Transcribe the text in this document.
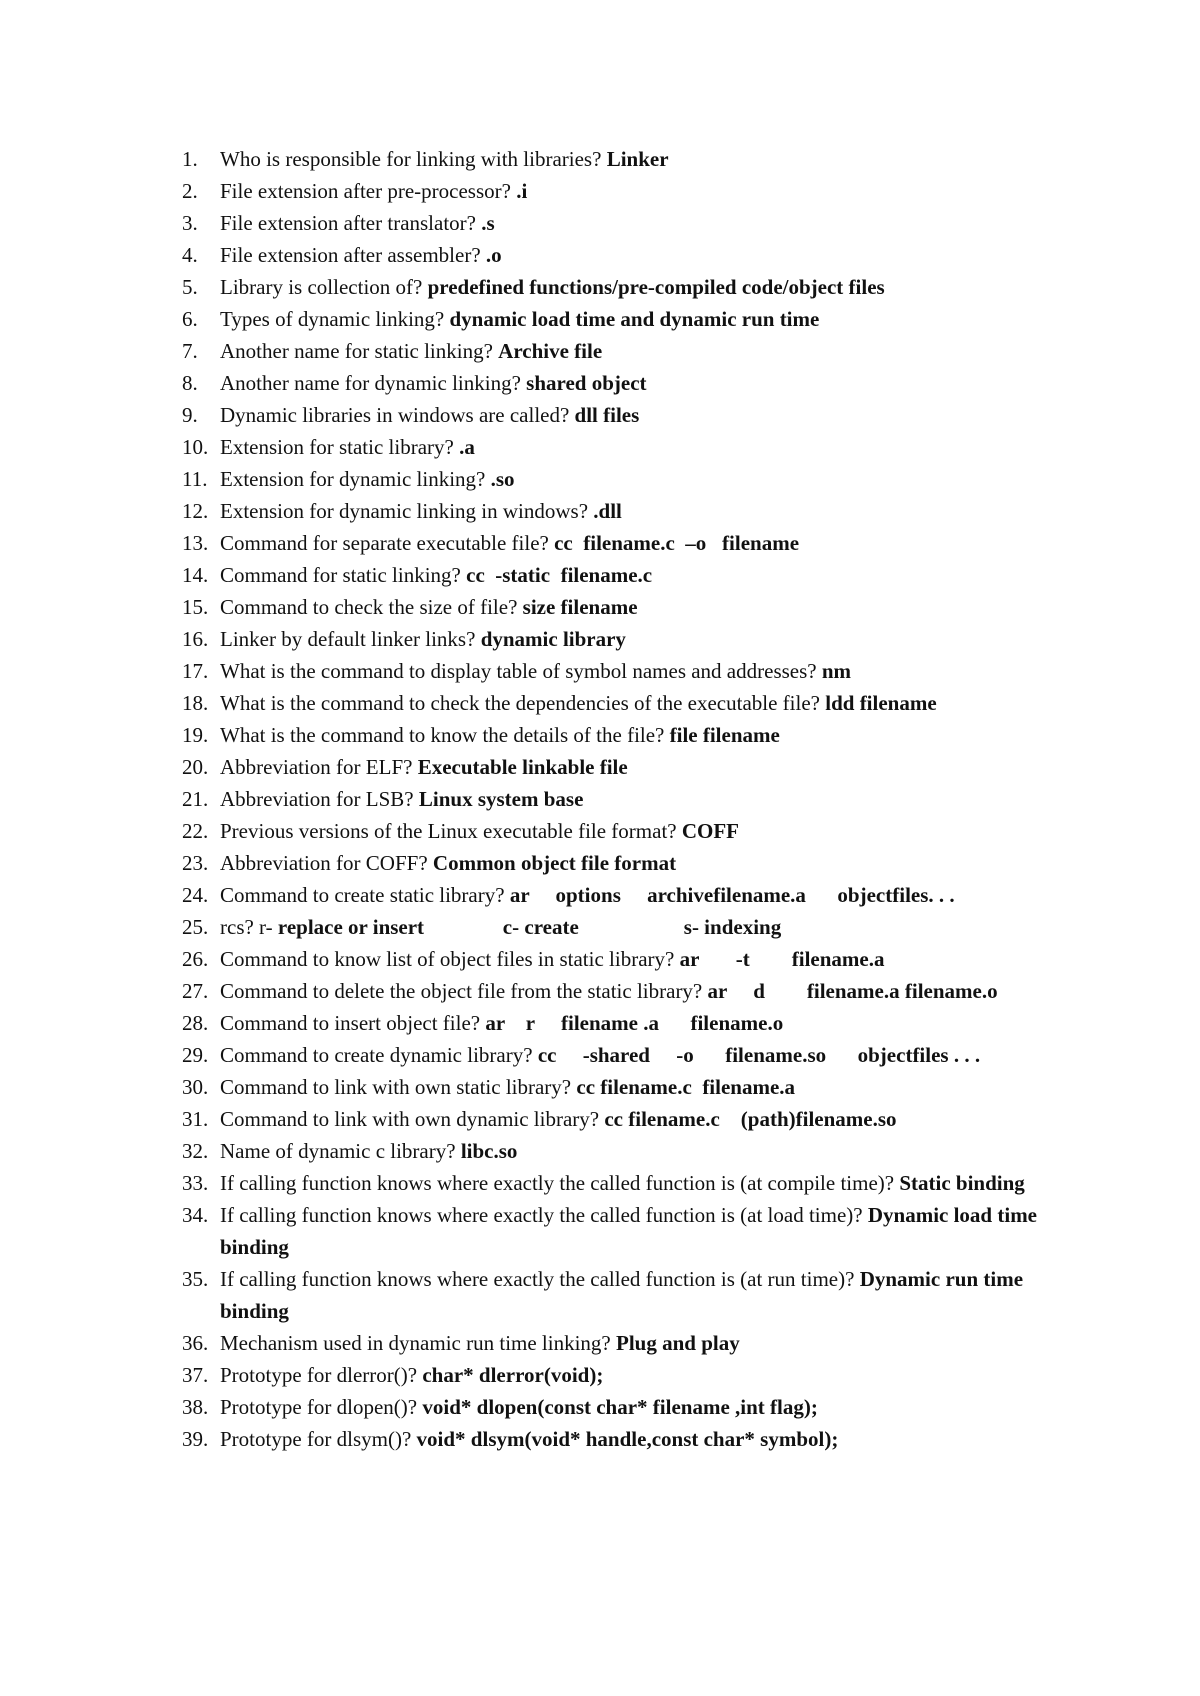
1.	Who is responsible for linking with libraries? Linker
2.	File extension after pre-processor? .i
3.	File extension after translator? .s
4.	File extension after assembler? .o
5.	Library is collection of? predefined functions/pre-compiled code/object files
6.	Types of dynamic linking? dynamic load time and dynamic run time
7.	Another name for static linking? Archive file
8.	Another name for dynamic linking? shared object
9.	Dynamic libraries in windows are called? dll files
10. Extension for static library? .a
11. Extension for dynamic linking? .so
12. Extension for dynamic linking in windows? .dll
13. Command for separate executable file? cc  filename.c  –o   filename
14. Command for static linking? cc  -static  filename.c
15. Command to check the size of file? size filename
16. Linker by default linker links? dynamic library
17. What is the command to display table of symbol names and addresses? nm
18. What is the command to check the dependencies of the executable file? ldd filename
19. What is the command to know the details of the file? file filename
20. Abbreviation for ELF? Executable linkable file
21. Abbreviation for LSB? Linux system base
22. Previous versions of the Linux executable file format? COFF
23. Abbreviation for COFF? Common object file format
24. Command to create static library? ar     options     archivefilename.a      objectfiles. . .
25. rcs? r- replace or insert               c- create                    s- indexing
26. Command to know list of object files in static library? ar       -t        filename.a
27. Command to delete the object file from the static library? ar     d        filename.a filename.o
28. Command to insert object file? ar    r     filename .a      filename.o
29. Command to create dynamic library? cc     -shared     -o      filename.so      objectfiles . . .
30. Command to link with own static library? cc filename.c  filename.a
31. Command to link with own dynamic library? cc filename.c    (path)filename.so
32. Name of dynamic c library? libc.so
33. If calling function knows where exactly the called function is (at compile time)? Static binding
34. If calling function knows where exactly the called function is (at load time)? Dynamic load time binding
35. If calling function knows where exactly the called function is (at run time)? Dynamic run time binding
36. Mechanism used in dynamic run time linking? Plug and play
37. Prototype for dlerror()? char* dlerror(void);
38. Prototype for dlopen()? void* dlopen(const char* filename ,int flag);
39. Prototype for dlsym()? void* dlsym(void* handle,const char* symbol);
